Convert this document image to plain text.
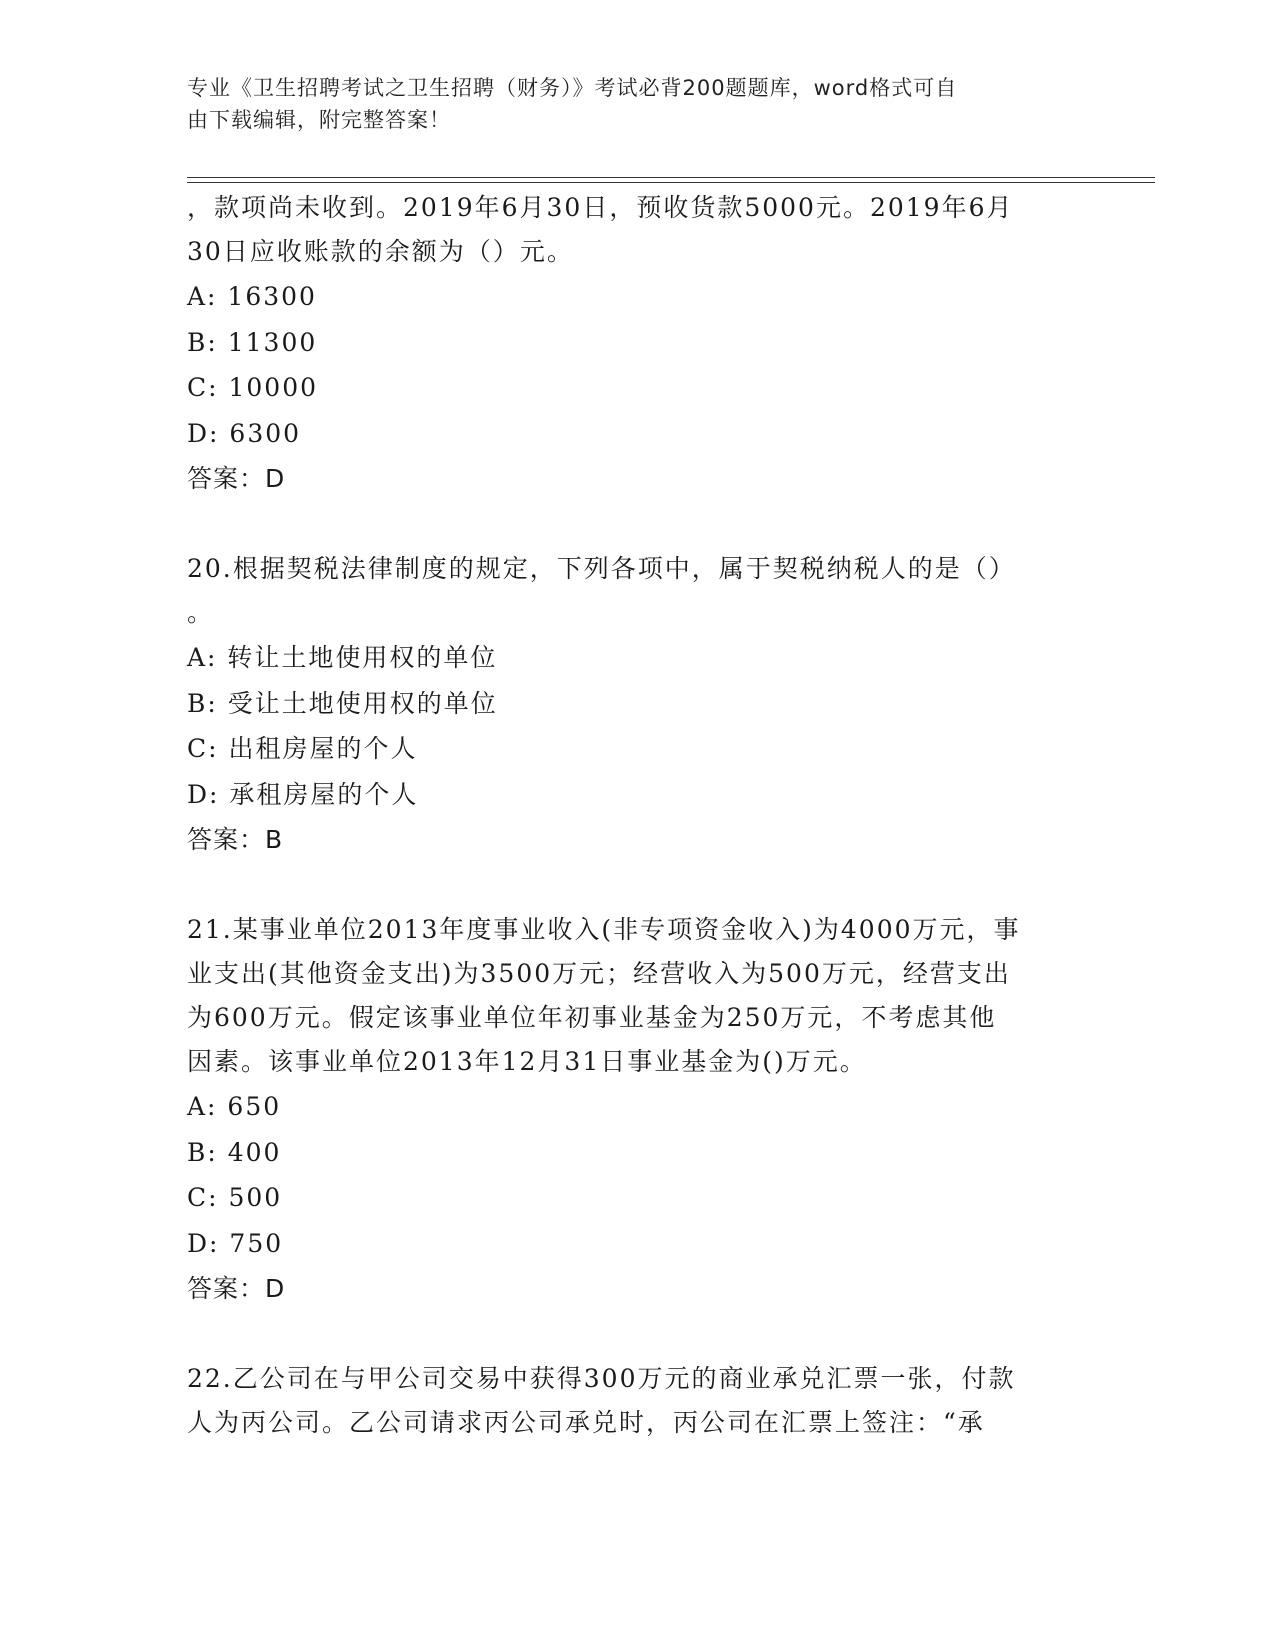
专业《卫生招聘考试之卫生招聘（财务）》考试必背200题题库，word格式可自
由下载编辑，附完整答案！

，款项尚未收到。2019年6月30日，预收货款5000元。2019年6月

30日应收账款的余额为（）元。

A: 16300

B: 11300

C: 10000

D: 6300

答案：D

20.根据契税法律制度的规定，下列各项中，属于契税纳税人的是（）

。

A: 转让土地使用权的单位

B: 受让土地使用权的单位

C: 出租房屋的个人

D: 承租房屋的个人

答案：B

21.某事业单位2013年度事业收入(非专项资金收入)为4000万元，事

业支出(其他资金支出)为3500万元；经营收入为500万元，经营支出

为600万元。假定该事业单位年初事业基金为250万元，不考虑其他

因素。该事业单位2013年12月31日事业基金为()万元。

A: 650

B: 400

C: 500

D: 750

答案：D

22.乙公司在与甲公司交易中获得300万元的商业承兑汇票一张，付款

人为丙公司。乙公司请求丙公司承兑时，丙公司在汇票上签注：“承
